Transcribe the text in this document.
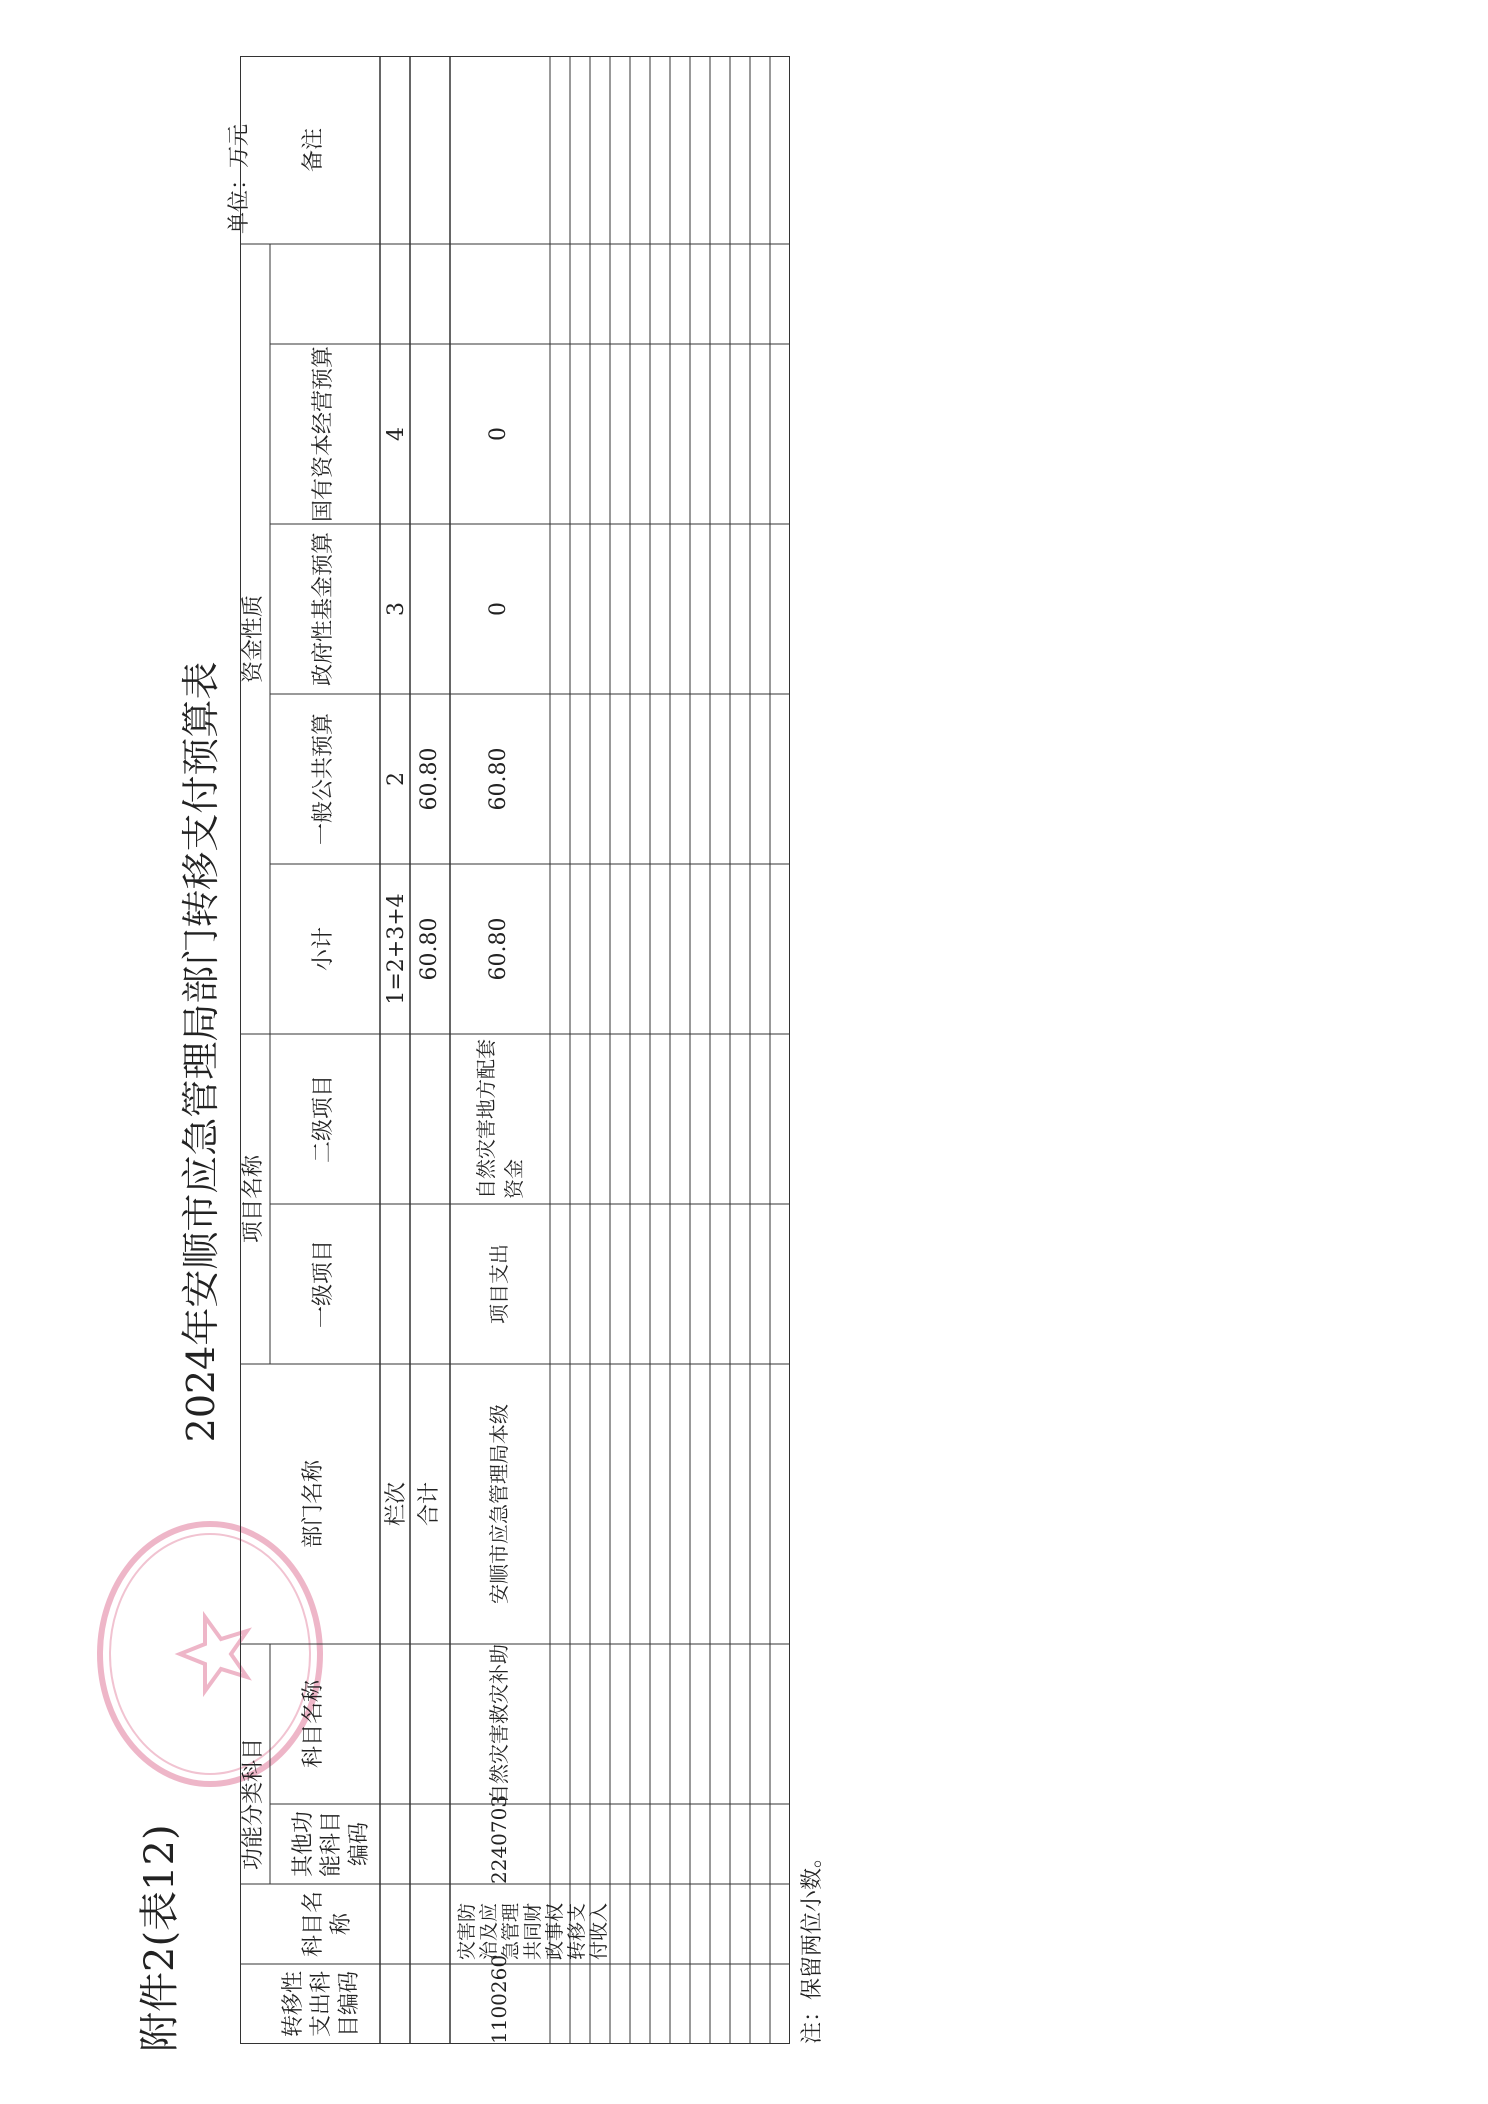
附件2(表12)
2024年安顺市应急管理局部门转移支付预算表
单位：万元
转移性支出科目编码
功能分类科目
科目名称
其他功能科目编码
科目名称
部门名称
项目名称
一级项目
二级项目
资金性质
小计
一般公共预算
政府性基金预算
国有资本经营预算
备注
栏次
1=2+3+4
2
3
4
合计
60.80
60.80
1100260
灾害防治及应急管理共同财政事权转移支付收入
2240703
自然灾害救灾补助
安顺市应急管理局本级
项目支出
自然灾害地方配套资金
60.80
60.80
0
0
注：保留两位小数。
